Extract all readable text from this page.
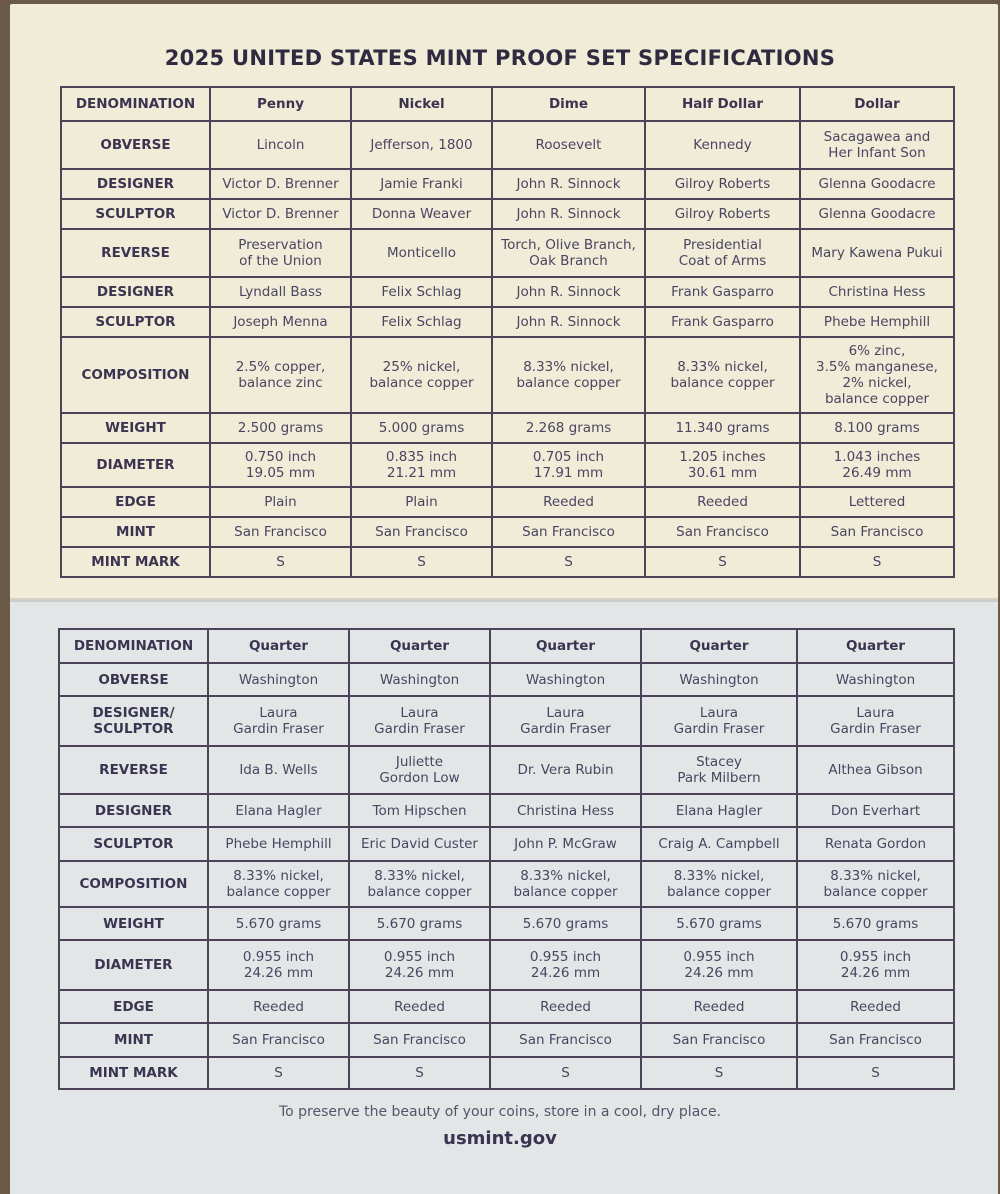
2025 UNITED STATES MINT PROOF SET SPECIFICATIONS
DENOMINATION	Penny	Nickel	Dime	Half Dollar	Dollar
OBVERSE	Lincoln	Jefferson, 1800	Roosevelt	Kennedy	Sacagawea and
Her Infant Son
DESIGNER	Victor D. Brenner	Jamie Franki	John R. Sinnock	Gilroy Roberts	Glenna Goodacre
SCULPTOR	Victor D. Brenner	Donna Weaver	John R. Sinnock	Gilroy Roberts	Glenna Goodacre
REVERSE	Preservation
of the Union	Monticello	Torch, Olive Branch,
Oak Branch	Presidential
Coat of Arms	Mary Kawena Pukui
DESIGNER	Lyndall Bass	Felix Schlag	John R. Sinnock	Frank Gasparro	Christina Hess
SCULPTOR	Joseph Menna	Felix Schlag	John R. Sinnock	Frank Gasparro	Phebe Hemphill
COMPOSITION	2.5% copper,
balance zinc	25% nickel,
balance copper	8.33% nickel,
balance copper	8.33% nickel,
balance copper	6% zinc,
3.5% manganese,
2% nickel,
balance copper
WEIGHT	2.500 grams	5.000 grams	2.268 grams	11.340 grams	8.100 grams
DIAMETER	0.750 inch
19.05 mm	0.835 inch
21.21 mm	0.705 inch
17.91 mm	1.205 inches
30.61 mm	1.043 inches
26.49 mm
EDGE	Plain	Plain	Reeded	Reeded	Lettered
MINT	San Francisco	San Francisco	San Francisco	San Francisco	San Francisco
MINT MARK	S	S	S	S	S
DENOMINATION	Quarter	Quarter	Quarter	Quarter	Quarter
OBVERSE	Washington	Washington	Washington	Washington	Washington
DESIGNER/
SCULPTOR	Laura
Gardin Fraser	Laura
Gardin Fraser	Laura
Gardin Fraser	Laura
Gardin Fraser	Laura
Gardin Fraser
REVERSE	Ida B. Wells	Juliette
Gordon Low	Dr. Vera Rubin	Stacey
Park Milbern	Althea Gibson
DESIGNER	Elana Hagler	Tom Hipschen	Christina Hess	Elana Hagler	Don Everhart
SCULPTOR	Phebe Hemphill	Eric David Custer	John P. McGraw	Craig A. Campbell	Renata Gordon
COMPOSITION	8.33% nickel,
balance copper	8.33% nickel,
balance copper	8.33% nickel,
balance copper	8.33% nickel,
balance copper	8.33% nickel,
balance copper
WEIGHT	5.670 grams	5.670 grams	5.670 grams	5.670 grams	5.670 grams
DIAMETER	0.955 inch
24.26 mm	0.955 inch
24.26 mm	0.955 inch
24.26 mm	0.955 inch
24.26 mm	0.955 inch
24.26 mm
EDGE	Reeded	Reeded	Reeded	Reeded	Reeded
MINT	San Francisco	San Francisco	San Francisco	San Francisco	San Francisco
MINT MARK	S	S	S	S	S
To preserve the beauty of your coins, store in a cool, dry place.
usmint.gov
